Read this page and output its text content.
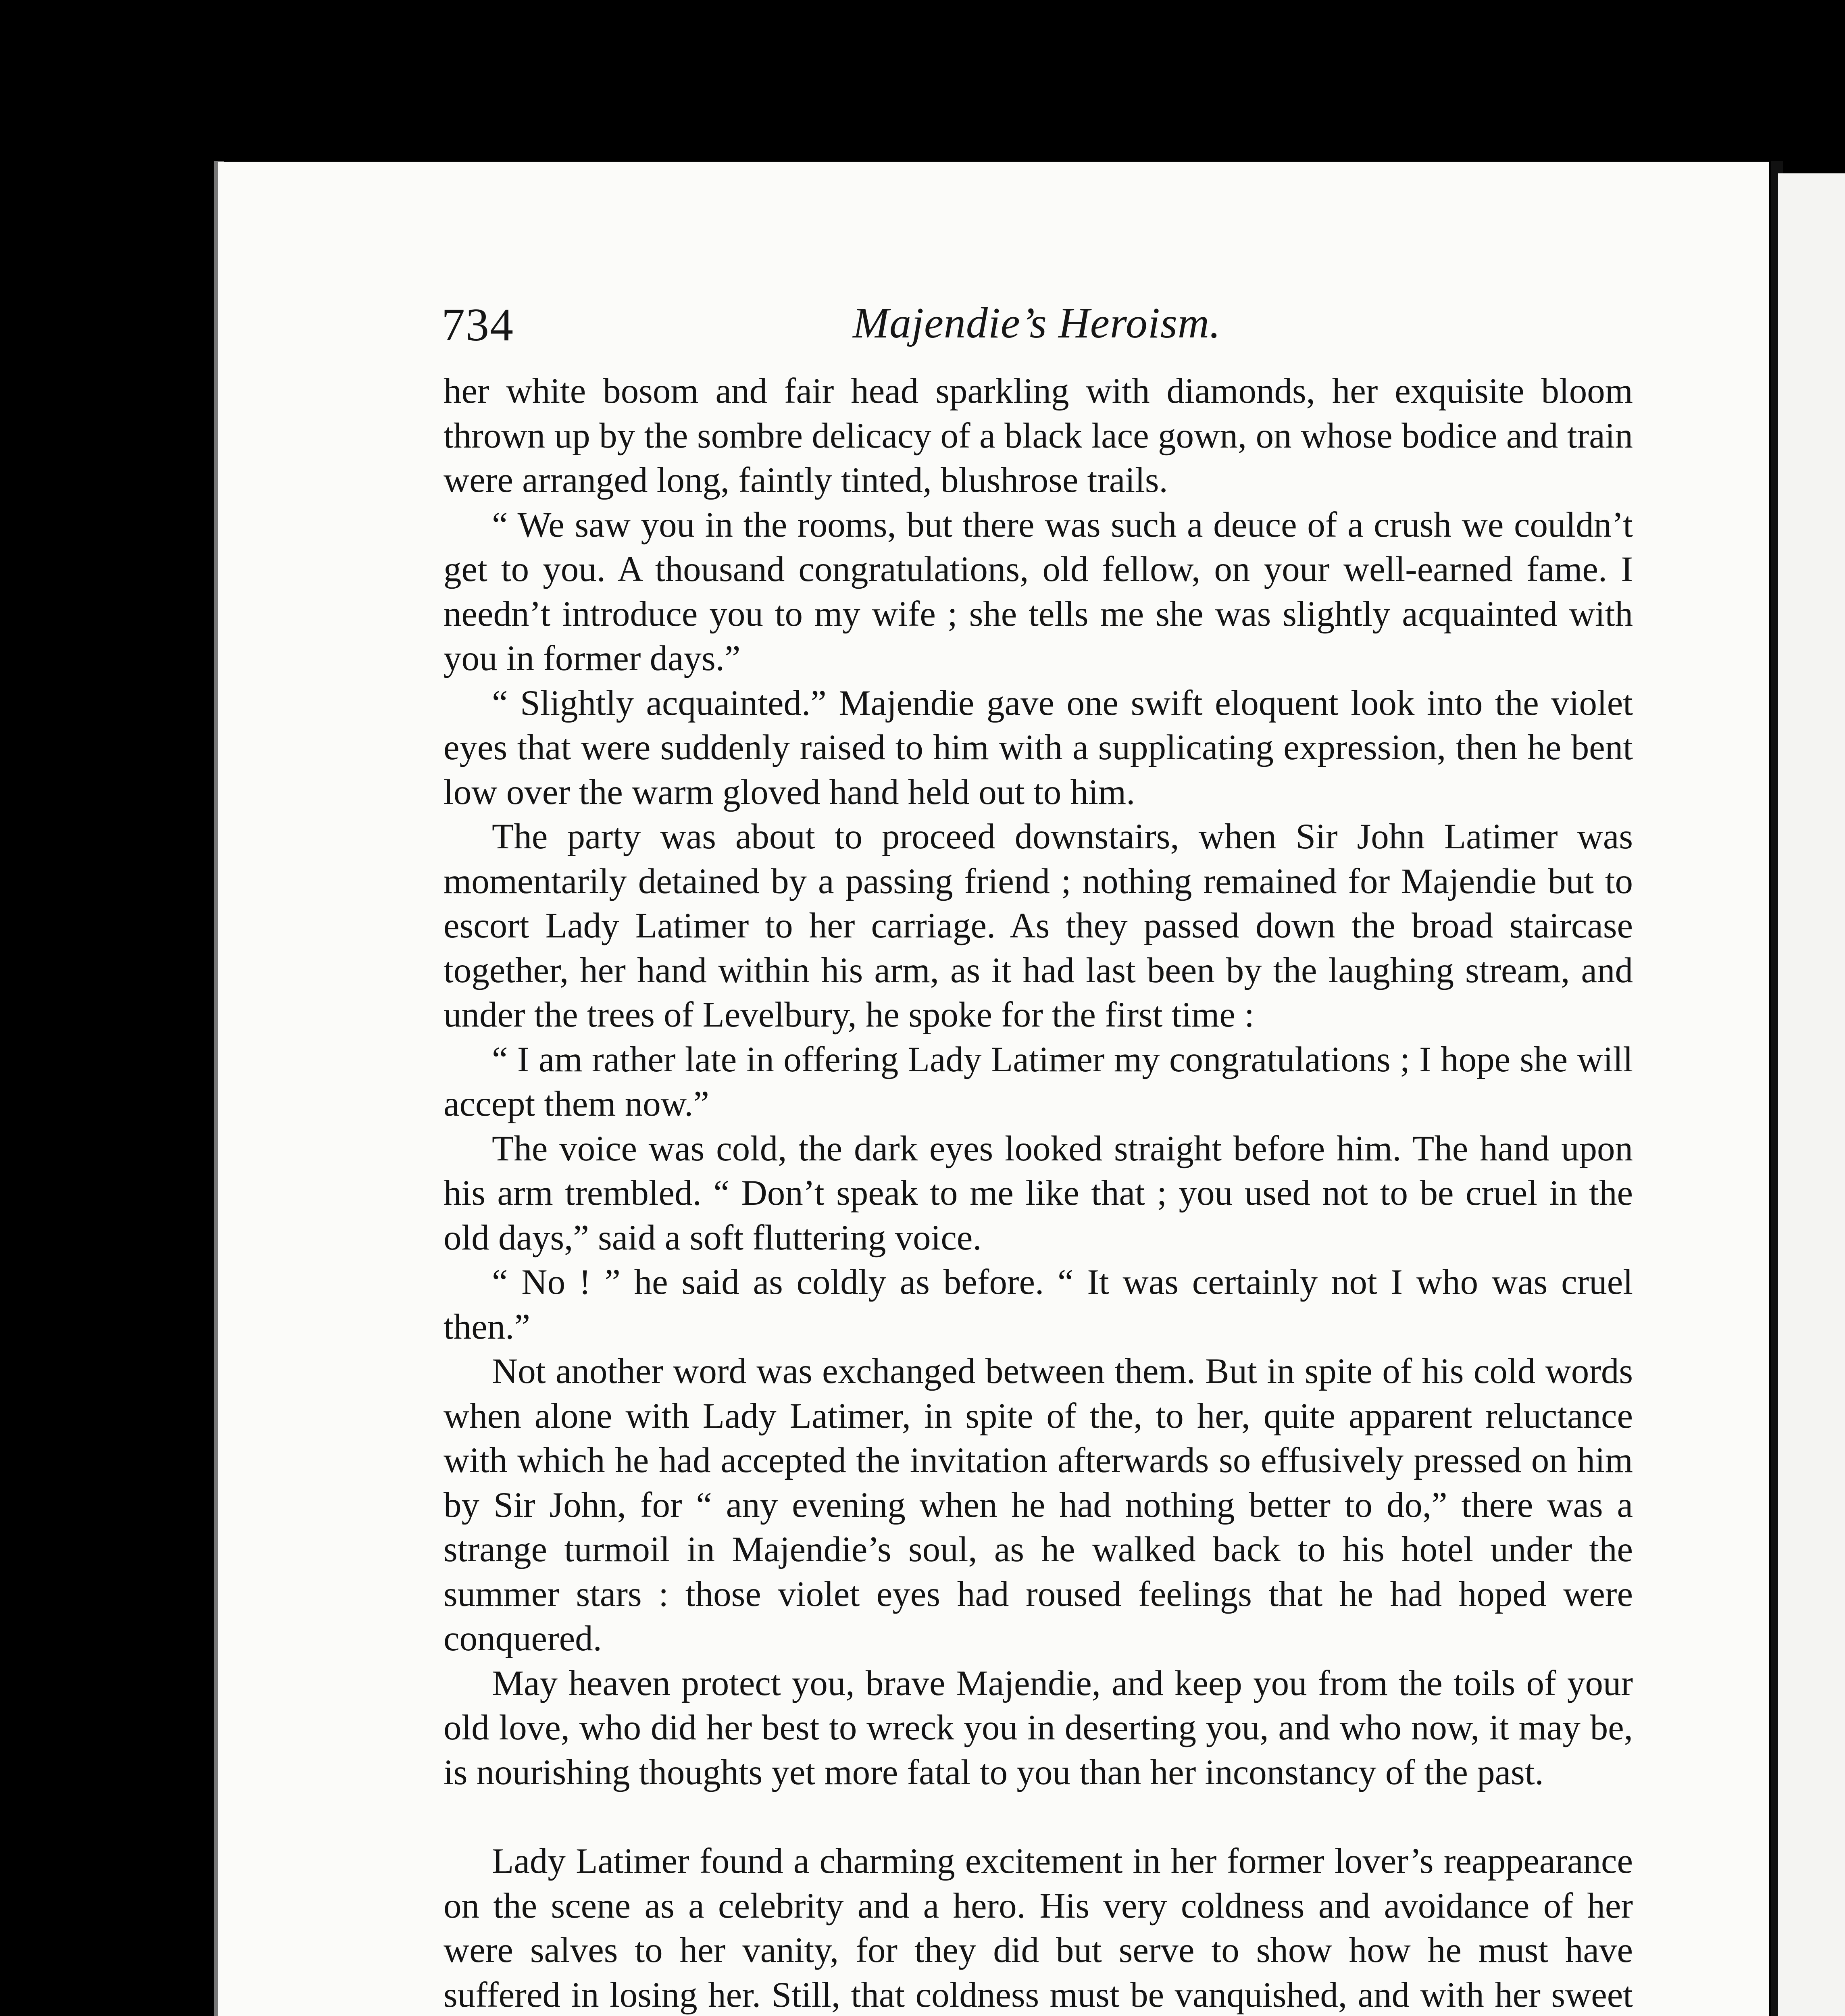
734	Majendie’s Heroism.

her white bosom and fair head sparkling with diamonds, her exquisite bloom thrown up by the sombre delicacy of a black lace gown, on whose bodice and train were arranged long, faintly tinted, blushrose trails.

“ We saw you in the rooms, but there was such a deuce of a crush we couldn’t get to you. A thousand congratulations, old fellow, on your well-earned fame. I needn’t introduce you to my wife ; she tells me she was slightly acquainted with you in former days.”

“ Slightly acquainted.” Majendie gave one swift eloquent look into the violet eyes that were suddenly raised to him with a supplicating expression, then he bent low over the warm gloved hand held out to him.

The party was about to proceed downstairs, when Sir John Latimer was momentarily detained by a passing friend ; nothing remained for Majendie but to escort Lady Latimer to her carriage. As they passed down the broad staircase together, her hand within his arm, as it had last been by the laughing stream, and under the trees of Levelbury, he spoke for the first time :

“ I am rather late in offering Lady Latimer my congratulations ; I hope she will accept them now.”

The voice was cold, the dark eyes looked straight before him. The hand upon his arm trembled. “ Don’t speak to me like that ; you used not to be cruel in the old days,” said a soft fluttering voice.

“ No ! ” he said as coldly as before. “ It was certainly not I who was cruel then.”

Not another word was exchanged between them. But in spite of his cold words when alone with Lady Latimer, in spite of the, to her, quite apparent reluctance with which he had accepted the invitation afterwards so effusively pressed on him by Sir John, for “ any evening when he had nothing better to do,” there was a strange turmoil in Majendie’s soul, as he walked back to his hotel under the summer stars : those violet eyes had roused feelings that he had hoped were conquered.

May heaven protect you, brave Majendie, and keep you from the toils of your old love, who did her best to wreck you in deserting you, and who now, it may be, is nourishing thoughts yet more fatal to you than her inconstancy of the past.

Lady Latimer found a charming excitement in her former lover’s reappearance on the scene as a celebrity and a hero. His very coldness and avoidance of her were salves to her vanity, for they did but serve to show how he must have suffered in losing her. Still, that coldness must be vanquished, and with her sweet
